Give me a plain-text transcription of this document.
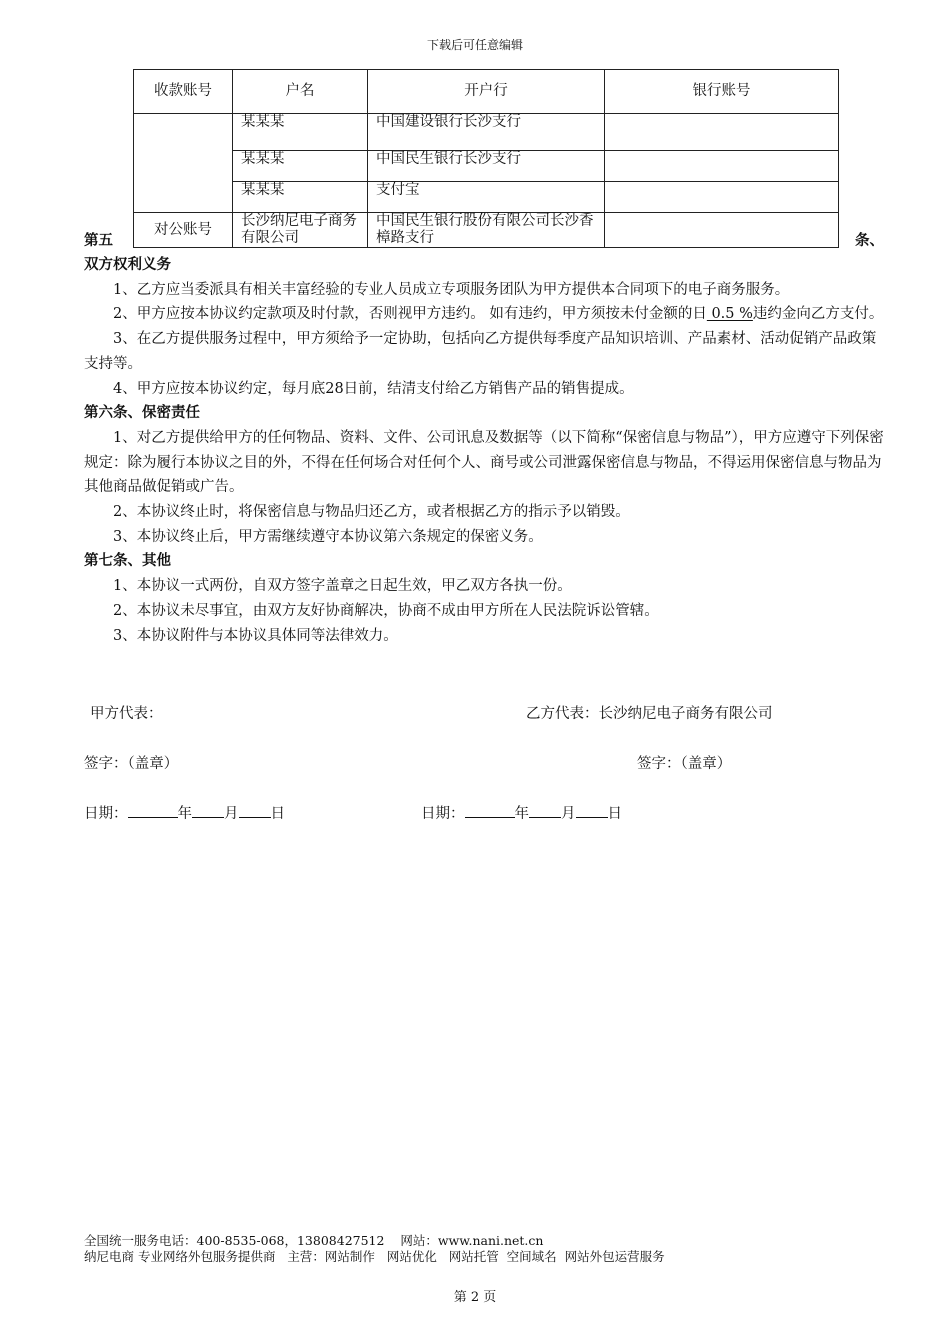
下载后可任意编辑
收款账号	户名	开户行	银行账号
	某某某	中国建设银行长沙支行	
	某某某	中国民生银行长沙支行	
	某某某	支付宝	
对公账号	长沙纳尼电子商务有限公司	中国民生银行股份有限公司长沙香樟路支行	
第五	条、

双方权利义务

1、乙方应当委派具有相关丰富经验的专业人员成立专项服务团队为甲方提供本合同项下的电子商务服务。

2、甲方应按本协议约定款项及时付款，否则视甲方违约。 如有违约，甲方须按未付金额的日 0.5 %违约金向乙方支付。

3、在乙方提供服务过程中，甲方须给予一定协助，包括向乙方提供每季度产品知识培训、产品素材、活动促销产品政策支持等。

4、甲方应按本协议约定，每月底28日前，结清支付给乙方销售产品的销售提成。

第六条、保密责任

1、对乙方提供给甲方的任何物品、资料、文件、公司讯息及数据等（以下简称“保密信息与物品”），甲方应遵守下列保密规定：除为履行本协议之目的外，不得在任何场合对任何个人、商号或公司泄露保密信息与物品，不得运用保密信息与物品为其他商品做促销或广告。

2、本协议终止时，将保密信息与物品归还乙方，或者根据乙方的指示予以销毁。

3、本协议终止后，甲方需继续遵守本协议第六条规定的保密义务。

第七条、其他

1、本协议一式两份，自双方签字盖章之日起生效，甲乙双方各执一份。

2、本协议未尽事宜，由双方友好协商解决，协商不成由甲方所在人民法院诉讼管辖。

3、本协议附件与本协议具体同等法律效力。

甲方代表：	乙方代表：长沙纳尼电子商务有限公司
签字：（盖章）	签字：（盖章）
日期：	年 月 日	日期：	年 月 日
全国统一服务电话：400-8535-068，13808427512    网站：www.nani.net.cn
纳尼电商 专业网络外包服务提供商   主营：网站制作   网站优化   网站托管  空间域名  网站外包运营服务
第 2 页
